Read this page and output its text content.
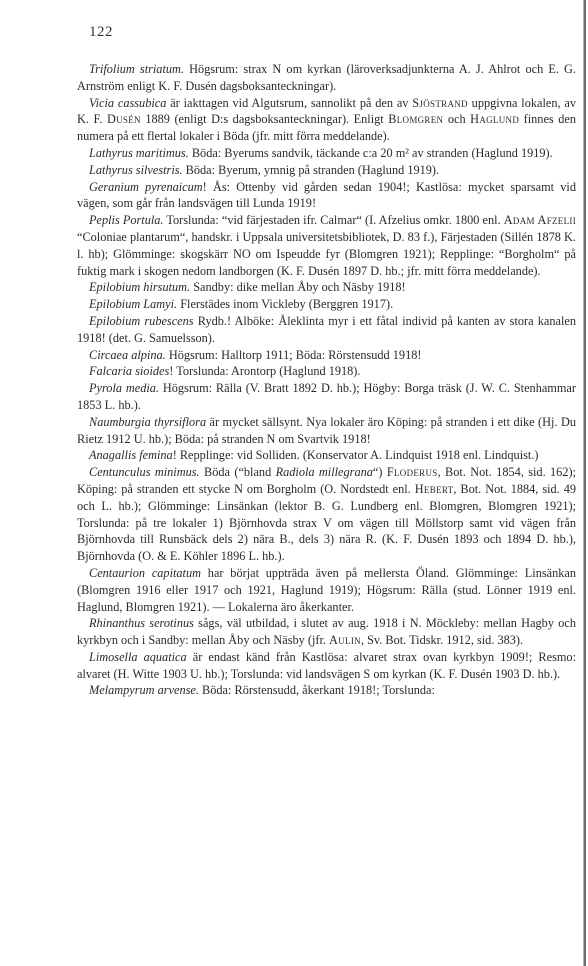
122

Trifolium striatum. Högsrum: strax N om kyrkan (läroverksadjunkterna A. J. Ahlrot och E. G. Arnström enligt K. F. Dusén dagsboksanteckningar).

Vicia cassubica är iakttagen vid Algutsrum, sannolikt på den av Sjöstrand uppgivna lokalen, av K. F. Dusén 1889 (enligt D:s dagsboksanteckningar). Enligt Blomgren och Haglund finnes den numera på ett flertal lokaler i Böda (jfr. mitt förra meddelande).

Lathyrus maritimus. Böda: Byerums sandvik, täckande c:a 20 m² av stranden (Haglund 1919).

Lathyrus silvestris. Böda: Byerum, ymnig på stranden (Haglund 1919).

Geranium pyrenaicum! Ås: Ottenby vid gården sedan 1904!; Kastlösa: mycket sparsamt vid vägen, som går från landsvägen till Lunda 1919!

Peplis Portula. Torslunda: “vid färjestaden ifr. Calmar“ (I. Afzelius omkr. 1800 enl. Adam Afzelii “Coloniae plantarum“, handskr. i Uppsala universitetsbibliotek, D. 83 f.), Färjestaden (Sillén 1878 K. l. hb); Glömminge: skogskärr NO om Ispeudde fyr (Blomgren 1921); Repplinge: “Borgholm“ på fuktig mark i skogen nedom landborgen (K. F. Dusén 1897 D. hb.; jfr. mitt förra meddelande).

Epilobium hirsutum. Sandby: dike mellan Åby och Näsby 1918!

Epilobium Lamyi. Flerstädes inom Vickleby (Berggren 1917).

Epilobium rubescens Rydb.! Alböke: Åleklinta myr i ett fåtal individ på kanten av stora kanalen 1918! (det. G. Samuelsson).

Circaea alpina. Högsrum: Halltorp 1911; Böda: Rörstensudd 1918!

Falcaria sioides! Torslunda: Arontorp (Haglund 1918).

Pyrola media. Högsrum: Rälla (V. Bratt 1892 D. hb.); Högby: Borga träsk (J. W. C. Stenhammar 1853 L. hb.).

Naumburgia thyrsiflora är mycket sällsynt. Nya lokaler äro Köping: på stranden i ett dike (Hj. Du Rietz 1912 U. hb.); Böda: på stranden N om Svartvik 1918!

Anagallis femina! Repplinge: vid Solliden. (Konservator A. Lindquist 1918 enl. Lindquist.)

Centunculus minimus. Böda (“bland Radiola millegrana“) Floderus, Bot. Not. 1854, sid. 162); Köping: på stranden ett stycke N om Borgholm (O. Nordstedt enl. Hebert, Bot. Not. 1884, sid. 49 och L. hb.); Glömminge: Linsänkan (lektor B. G. Lundberg enl. Blomgren, Blomgren 1921); Torslunda: på tre lokaler 1) Björnhovda strax V om vägen till Möllstorp samt vid vägen från Björnhovda till Runsbäck dels 2) nära B., dels 3) nära R. (K. F. Dusén 1893 och 1894 D. hb.), Björnhovda (O. & E. Köhler 1896 L. hb.).

Centaurion capitatum har börjat uppträda även på mellersta Öland. Glömminge: Linsänkan (Blomgren 1916 eller 1917 och 1921, Haglund 1919); Högsrum: Rälla (stud. Lönner 1919 enl. Haglund, Blomgren 1921). — Lokalerna äro åkerkanter.

Rhinanthus serotinus sågs, väl utbildad, i slutet av aug. 1918 i N. Möckleby: mellan Hagby och kyrkbyn och i Sandby: mellan Åby och Näsby (jfr. Aulin, Sv. Bot. Tidskr. 1912, sid. 383).

Limosella aquatica är endast känd från Kastlösa: alvaret strax ovan kyrkbyn 1909!; Resmo: alvaret (H. Witte 1903 U. hb.); Torslunda: vid landsvägen S om kyrkan (K. F. Dusén 1903 D. hb.).

Melampyrum arvense. Böda: Rörstensudd, åkerkant 1918!; Torslunda:
